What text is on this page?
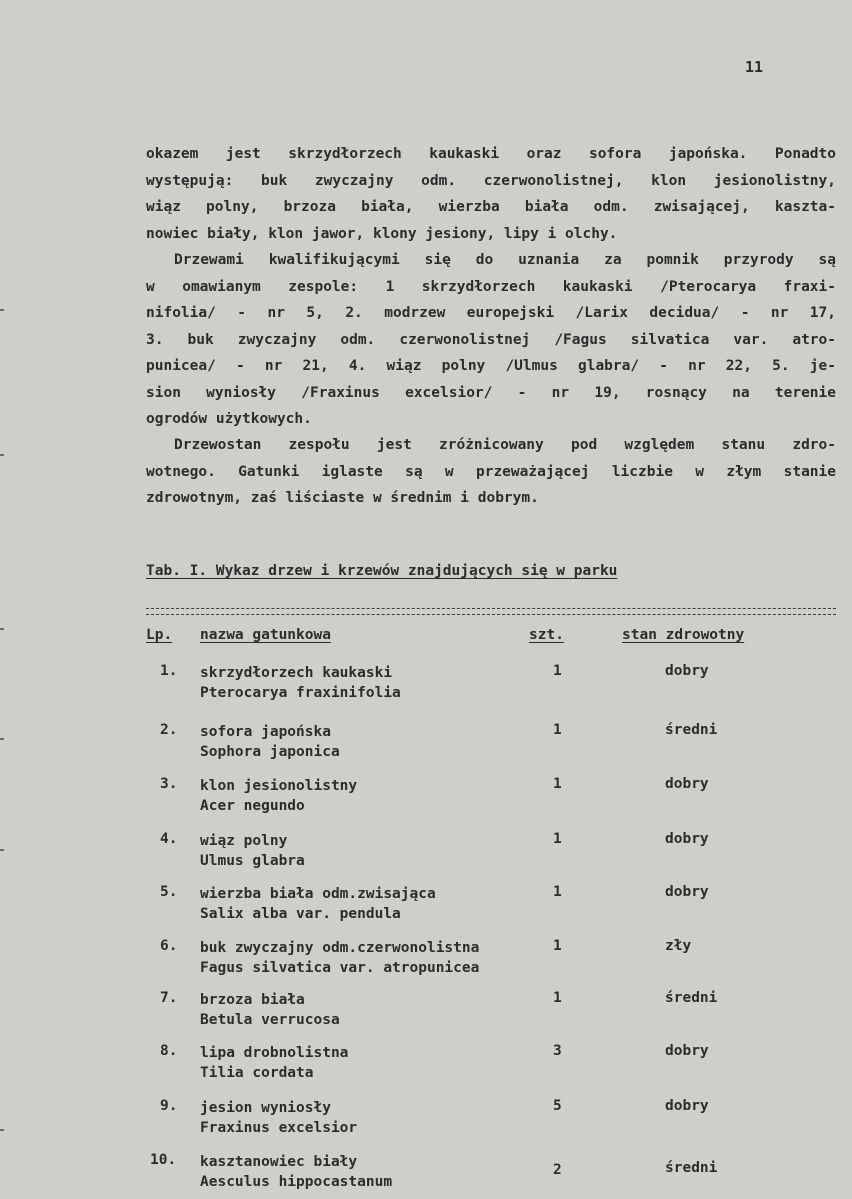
11
okazem jest skrzydłorzech kaukaski oraz sofora japońska. Ponadto
występują: buk zwyczajny odm. czerwonolistnej, klon jesionolistny,
wiąz polny, brzoza biała, wierzba biała odm. zwisającej, kaszta-
nowiec biały, klon jawor, klony jesiony, lipy i olchy.
Drzewami kwalifikującymi się do uznania za pomnik przyrody są
w omawianym zespole: 1 skrzydłorzech kaukaski /Pterocarya fraxi-
nifolia/ - nr 5, 2. modrzew europejski /Larix decidua/ - nr 17,
3. buk zwyczajny odm. czerwonolistnej /Fagus silvatica var. atro-
punicea/ - nr 21, 4. wiąz polny /Ulmus glabra/ - nr 22, 5. je-
sion wyniosły /Fraxinus excelsior/ - nr 19, rosnący na terenie
ogrodów użytkowych.
Drzewostan zespołu jest zróżnicowany pod względem stanu zdro-
wotnego. Gatunki iglaste są w przeważającej liczbie w złym stanie
zdrowotnym, zaś liściaste w średnim i dobrym.
Tab. I. Wykaz drzew i krzewów znajdujących się w parku
Lp. nazwa gatunkowa	szt.	stan zdrowotny
1. skrzydłorzech kaukaski
Pterocarya fraxinifolia
1	dobry
2. sofora japońska
Sophora japonica
1	średni
3. klon jesionolistny
Acer negundo
1	dobry
4. wiąz polny
Ulmus glabra
1	dobry
5. wierzba biała odm.zwisająca
Salix alba var. pendula
1	dobry
6. buk zwyczajny odm.czerwonolistna
Fagus silvatica var. atropunicea
1	zły
7. brzoza biała
Betula verrucosa
1	średni
8. lipa drobnolistna
Tilia cordata
3	dobry
9. jesion wyniosły
Fraxinus excelsior
5	dobry
10. kasztanowiec biały
Aesculus hippocastanum
2	średni
